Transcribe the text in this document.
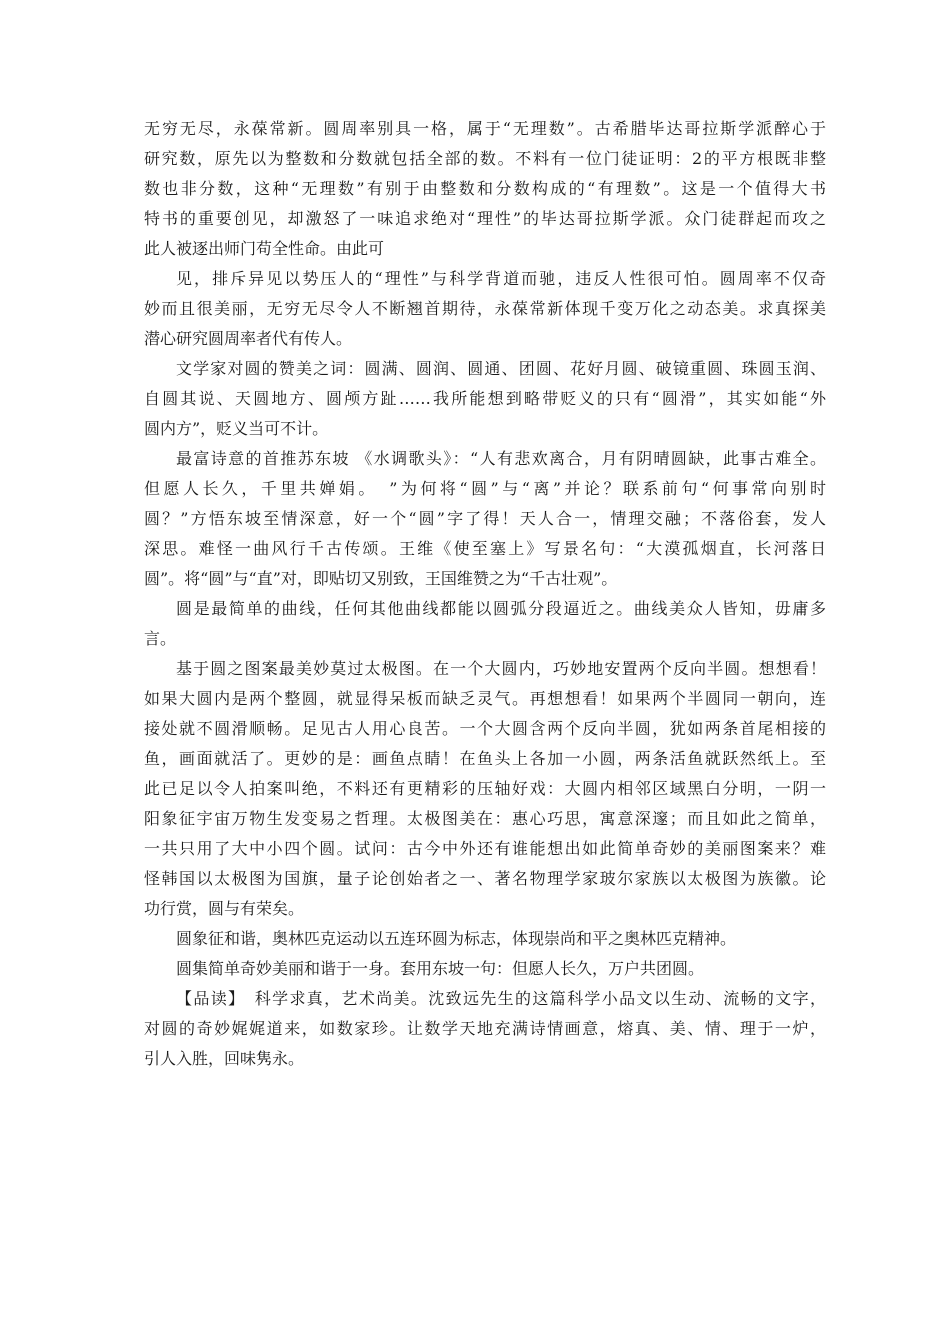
无穷无尽，永葆常新。圆周率别具一格，属于“无理数”。古希腊毕达哥拉斯学派醉心于
研究数，原先以为整数和分数就包括全部的数。不料有一位门徒证明：2的平方根既非整
数也非分数，这种“无理数”有别于由整数和分数构成的“有理数”。这是一个值得大书
特书的重要创见，却激怒了一味追求绝对“理性”的毕达哥拉斯学派。众门徒群起而攻之
此人被逐出师门苟全性命。由此可
见，排斥异见以势压人的“理性”与科学背道而驰，违反人性很可怕。圆周率不仅奇
妙而且很美丽，无穷无尽令人不断翘首期待，永葆常新体现千变万化之动态美。求真探美
潜心研究圆周率者代有传人。
文学家对圆的赞美之词：圆满、圆润、圆通、团圆、花好月圆、破镜重圆、珠圆玉润、
自圆其说、天圆地方、圆颅方趾……我所能想到略带贬义的只有“圆滑”，其实如能“外
圆内方”，贬义当可不计。
最富诗意的首推苏东坡 《水调歌头》：“人有悲欢离合，月有阴晴圆缺，此事古难全。
但愿人长久，千里共婵娟。　”为何将“圆”与“离”并论？联系前句“何事常向别时
圆？”方悟东坡至情深意，好一个“圆”字了得！天人合一，情理交融；不落俗套，发人
深思。难怪一曲风行千古传颂。王维《使至塞上》写景名句：“大漠孤烟直，长河落日
圆”。将“圆”与“直”对，即贴切又别致，王国维赞之为“千古壮观”。
圆是最简单的曲线，任何其他曲线都能以圆弧分段逼近之。曲线美众人皆知，毋庸多
言。
基于圆之图案最美妙莫过太极图。在一个大圆内，巧妙地安置两个反向半圆。想想看！
如果大圆内是两个整圆，就显得呆板而缺乏灵气。再想想看！如果两个半圆同一朝向，连
接处就不圆滑顺畅。足见古人用心良苦。一个大圆含两个反向半圆，犹如两条首尾相接的
鱼，画面就活了。更妙的是：画鱼点睛！在鱼头上各加一小圆，两条活鱼就跃然纸上。至
此已足以令人拍案叫绝，不料还有更精彩的压轴好戏：大圆内相邻区域黑白分明，一阴一
阳象征宇宙万物生发变易之哲理。太极图美在：惠心巧思，寓意深邃；而且如此之简单，
一共只用了大中小四个圆。试问：古今中外还有谁能想出如此简单奇妙的美丽图案来？难
怪韩国以太极图为国旗，量子论创始者之一、著名物理学家玻尔家族以太极图为族徽。论
功行赏，圆与有荣矣。
圆象征和谐，奥林匹克运动以五连环圆为标志，体现崇尚和平之奥林匹克精神。
圆集简单奇妙美丽和谐于一身。套用东坡一句：但愿人长久，万户共团圆。
【品读】　科学求真，艺术尚美。沈致远先生的这篇科学小品文以生动、流畅的文字，
对圆的奇妙娓娓道来，如数家珍。让数学天地充满诗情画意，熔真、美、情、理于一炉，
引人入胜，回味隽永。
